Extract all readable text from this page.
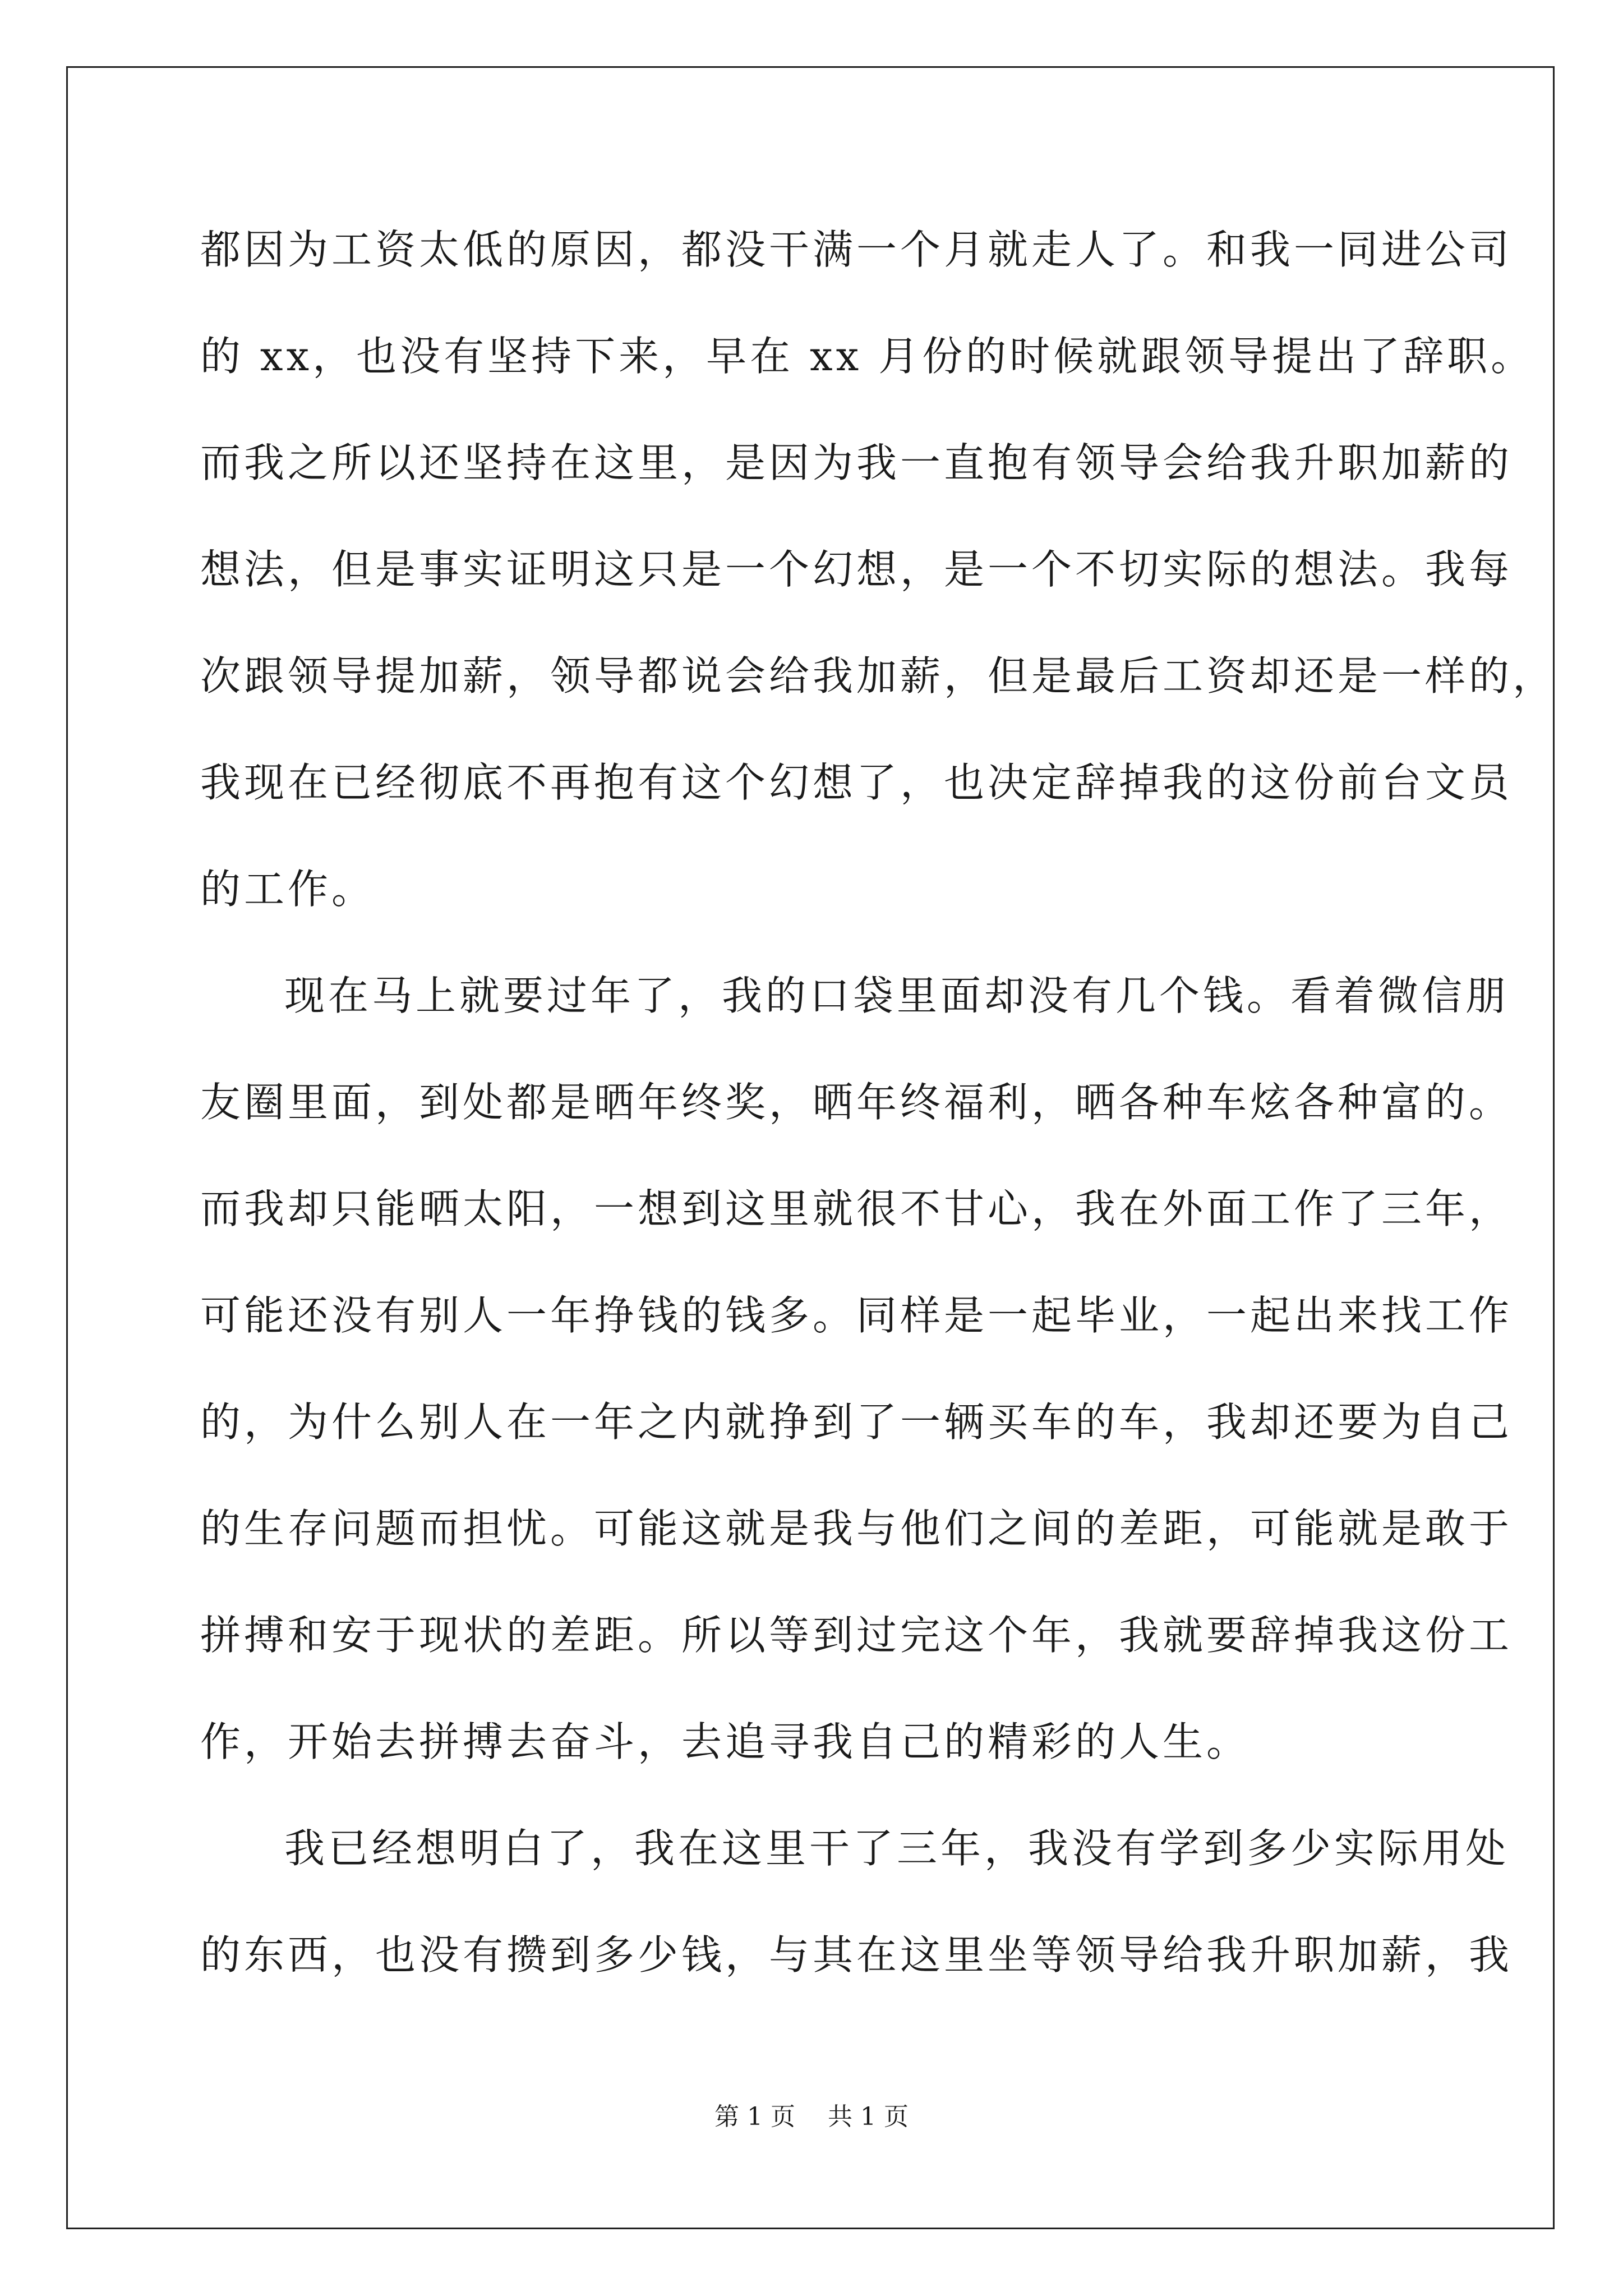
都因为工资太低的原因，都没干满一个月就走人了。和我一同进公司
的 xx，也没有坚持下来，早在 xx 月份的时候就跟领导提出了辞职。
而我之所以还坚持在这里，是因为我一直抱有领导会给我升职加薪的
想法，但是事实证明这只是一个幻想，是一个不切实际的想法。我每
次跟领导提加薪，领导都说会给我加薪，但是最后工资却还是一样的，
我现在已经彻底不再抱有这个幻想了，也决定辞掉我的这份前台文员
的工作。
现在马上就要过年了，我的口袋里面却没有几个钱。看着微信朋
友圈里面，到处都是晒年终奖，晒年终福利，晒各种车炫各种富的。
而我却只能晒太阳，一想到这里就很不甘心，我在外面工作了三年，
可能还没有别人一年挣钱的钱多。同样是一起毕业，一起出来找工作
的，为什么别人在一年之内就挣到了一辆买车的车，我却还要为自己
的生存问题而担忧。可能这就是我与他们之间的差距，可能就是敢于
拼搏和安于现状的差距。所以等到过完这个年，我就要辞掉我这份工
作，开始去拼搏去奋斗，去追寻我自己的精彩的人生。
我已经想明白了，我在这里干了三年，我没有学到多少实际用处
的东西，也没有攒到多少钱，与其在这里坐等领导给我升职加薪，我
第 1 页　 共 1 页
